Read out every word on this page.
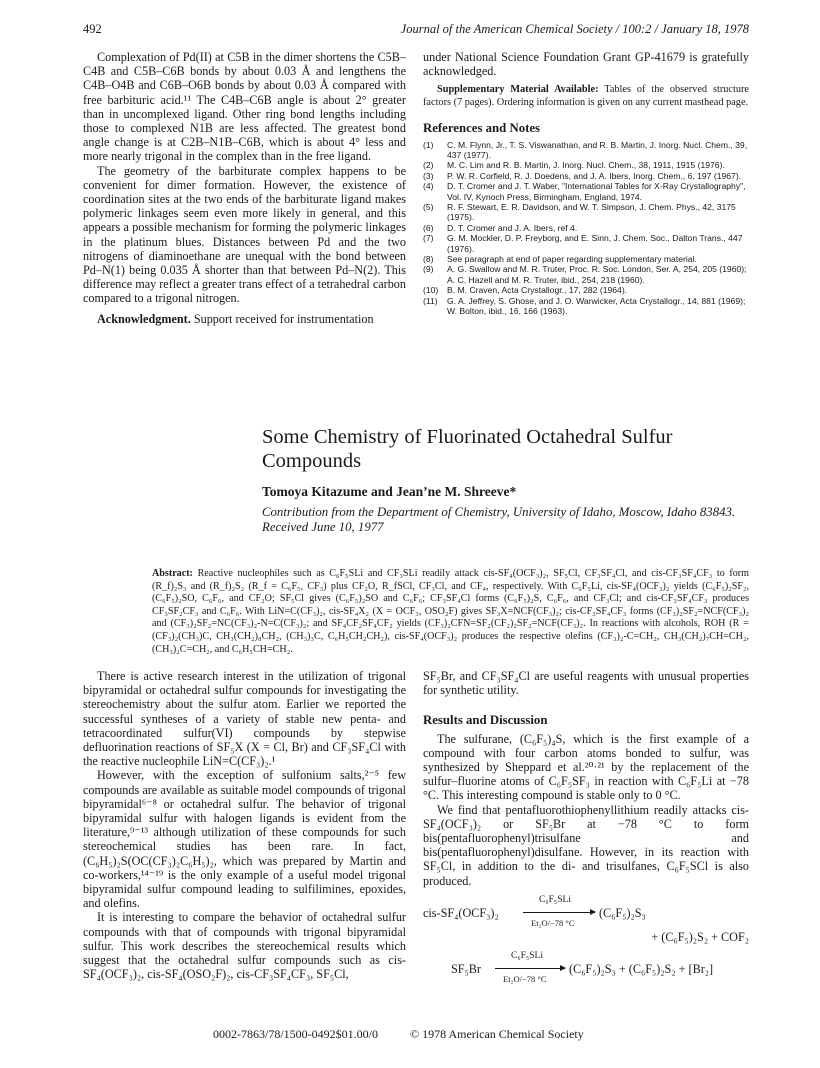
492	Journal of the American Chemical Society / 100:2 / January 18, 1978

Complexation of Pd(II) at C5B in the dimer shortens the C5B–C4B and C5B–C6B bonds by about 0.03 Å and lengthens the C4B–O4B and C6B–O6B bonds by about 0.03 Å compared with free barbituric acid.¹¹ The C4B–C6B angle is about 2° greater than in uncomplexed ligand. Other ring bond lengths including those to complexed N1B are less affected. The greatest bond angle change is at C2B–N1B–C6B, which is about 4° less and more nearly trigonal in the complex than in the free ligand.

The geometry of the barbiturate complex happens to be convenient for dimer formation. However, the existence of coordination sites at the two ends of the barbiturate ligand makes polymeric linkages seem even more likely in general, and this appears a possible mechanism for forming the polymeric linkages in the platinum blues. Distances between Pd and the two nitrogens of diaminoethane are unequal with the bond between Pd–N(1) being 0.035 Å shorter than that between Pd–N(2). This difference may reflect a greater trans effect of a tetrahedral carbon compared to a trigonal nitrogen.

Acknowledgment. Support received for instrumentation

under National Science Foundation Grant GP-41679 is gratefully acknowledged.

Supplementary Material Available: Tables of the observed structure factors (7 pages). Ordering information is given on any current masthead page.

References and Notes
(1) C. M. Flynn, Jr., T. S. Viswanathan, and R. B. Martin, J. Inorg. Nucl. Chem., 39, 437 (1977).
(2) M. C. Lim and R. B. Martin, J. Inorg. Nucl. Chem., 38, 1911, 1915 (1976).
(3) P. W. R. Corfield, R. J. Doedens, and J. A. Ibers, Inorg. Chem., 6, 197 (1967).
(4) D. T. Cromer and J. T. Waber, "International Tables for X-Ray Crystallography", Vol. IV, Kynoch Press, Birmingham, England, 1974.
(5) R. F. Stewart, E. R. Davidson, and W. T. Simpson, J. Chem. Phys., 42, 3175 (1975).
(6) D. T. Cromer and J. A. Ibers, ref 4.
(7) G. M. Mockler, D. P. Freyborg, and E. Sinn, J. Chem. Soc., Dalton Trans., 447 (1976).
(8) See paragraph at end of paper regarding supplementary material.
(9) A. G. Swallow and M. R. Truter, Proc. R. Soc. London, Ser. A, 254, 205 (1960); A. C. Hazell and M. R. Truter, ibid., 254, 218 (1960).
(10) B. M. Craven, Acta Crystallogr., 17, 282 (1964).
(11) G. A. Jeffrey, S. Ghose, and J. O. Warwicker, Acta Crystallogr., 14, 881 (1969); W. Bolton, ibid., 16, 166 (1963).
Some Chemistry of Fluorinated Octahedral Sulfur Compounds
Tomoya Kitazume and Jean’ne M. Shreeve*
Contribution from the Department of Chemistry, University of Idaho, Moscow, Idaho 83843. Received June 10, 1977
Abstract: Reactive nucleophiles such as C₆F₅SLi and CF₃SLi readily attack cis-SF₄(OCF₃)₂, SF₅Cl, CF₃SF₄Cl, and cis-CF₃SF₄CF₃ to form (R_f)₂S₃ and (R_f)₂S₂ (R_f = C₆F₅, CF₃) plus CF₂O, R_fSCl, CF₃Cl, and CF₄, respectively. With C₆F₅Li, cis-SF₄(OCF₃)₂ yields (C₆F₅)₂SF₂, (C₆F₅)₂SO, C₆F₆, and CF₂O; SF₅Cl gives (C₆F₅)₂SO and C₆F₆; CF₃SF₄Cl forms (C₆F₅)₂S, C₆F₆, and CF₃Cl; and cis-CF₃SF₄CF₃ produces CF₃SF₂CF₃ and C₆F₆. With LiN=C(CF₃)₂, cis-SF₄X₂ (X = OCF₃, OSO₂F) gives SF₃X=NCF(CF₃)₂; cis-CF₃SF₄CF₃ forms (CF₃)₂SF₂=NCF(CF₃)₂ and (CF₃)₂SF₂=NC(CF₃)₂-N=C(CF₃)₂; and SF₄CF₂SF₄CF₂ yields (CF₃)₂CFN=SF₂(CF₂)₂SF₂=NCF(CF₃)₂. In reactions with alcohols, ROH (R = (CF₃)₂(CH₃)C, CH₃(CH₂)₈CH₂, (CH₃)₃C, C₆H₅CH₂CH₂), cis-SF₄(OCF₃)₂ produces the respective olefins (CF₃)₂-C=CH₂, CH₃(CH₂)₇CH=CH₂, (CH₃)₂C=CH₂, and C₆H₅CH=CH₂.

There is active research interest in the utilization of trigonal bipyramidal or octahedral sulfur compounds for investigating the stereochemistry about the sulfur atom. Earlier we reported the successful syntheses of a variety of stable new penta- and tetracoordinated sulfur(VI) compounds by stepwise defluorination reactions of SF₅X (X = Cl, Br) and CF₃SF₄Cl with the reactive nucleophile LiN=C(CF₃)₂.¹

However, with the exception of sulfonium salts,²⁻⁵ few compounds are available as suitable model compounds of trigonal bipyramidal⁶⁻⁸ or octahedral sulfur. The behavior of trigonal bipyramidal sulfur with halogen ligands is evident from the literature,⁹⁻¹³ although utilization of these compounds for such stereochemical studies has been rare. In fact, (C₆H₅)₂S(OC(CF₃)₂C₆H₅)₂, which was prepared by Martin and co-workers,¹⁴⁻¹⁹ is the only example of a useful model trigonal bipyramidal sulfur compound leading to sulfilimines, epoxides, and olefins.

It is interesting to compare the behavior of octahedral sulfur compounds with that of compounds with trigonal bipyramidal sulfur. This work describes the stereochemical results which suggest that the octahedral sulfur compounds such as cis-SF₄(OCF₃)₂, cis-SF₄(OSO₂F)₂, cis-CF₃SF₄CF₃, SF₅Cl,

SF₅Br, and CF₃SF₄Cl are useful reagents with unusual properties for synthetic utility.

Results and Discussion

The sulfurane, (C₆F₅)₄S, which is the first example of a compound with four carbon atoms bonded to sulfur, was synthesized by Sheppard et al.²⁰·²¹ by the replacement of the sulfur–fluorine atoms of C₆F₅SF₃ in reaction with C₆F₅Li at −78 °C. This interesting compound is stable only to 0 °C.

We find that pentafluorothiophenyllithium readily attacks cis-SF₄(OCF₃)₂ or SF₅Br at −78 °C to form bis(pentafluorophenyl)trisulfane and bis(pentafluorophenyl)disulfane. However, in its reaction with SF₅Cl, in addition to the di- and trisulfanes, C₆F₅SCl is also produced.

cis-SF₄(OCF₃)₂
C₆F₅SLi
Et₂O/−78 °C
(C₆F₅)₂S₃
+ (C₆F₅)₂S₂ + COF₂
SF₅Br
C₆F₅SLi
Et₂O/−78 °C
(C₆F₅)₂S₃ + (C₆F₅)₂S₂ + [Br₂]
0002-7863/78/1500-0492$01.00/0	© 1978 American Chemical Society
